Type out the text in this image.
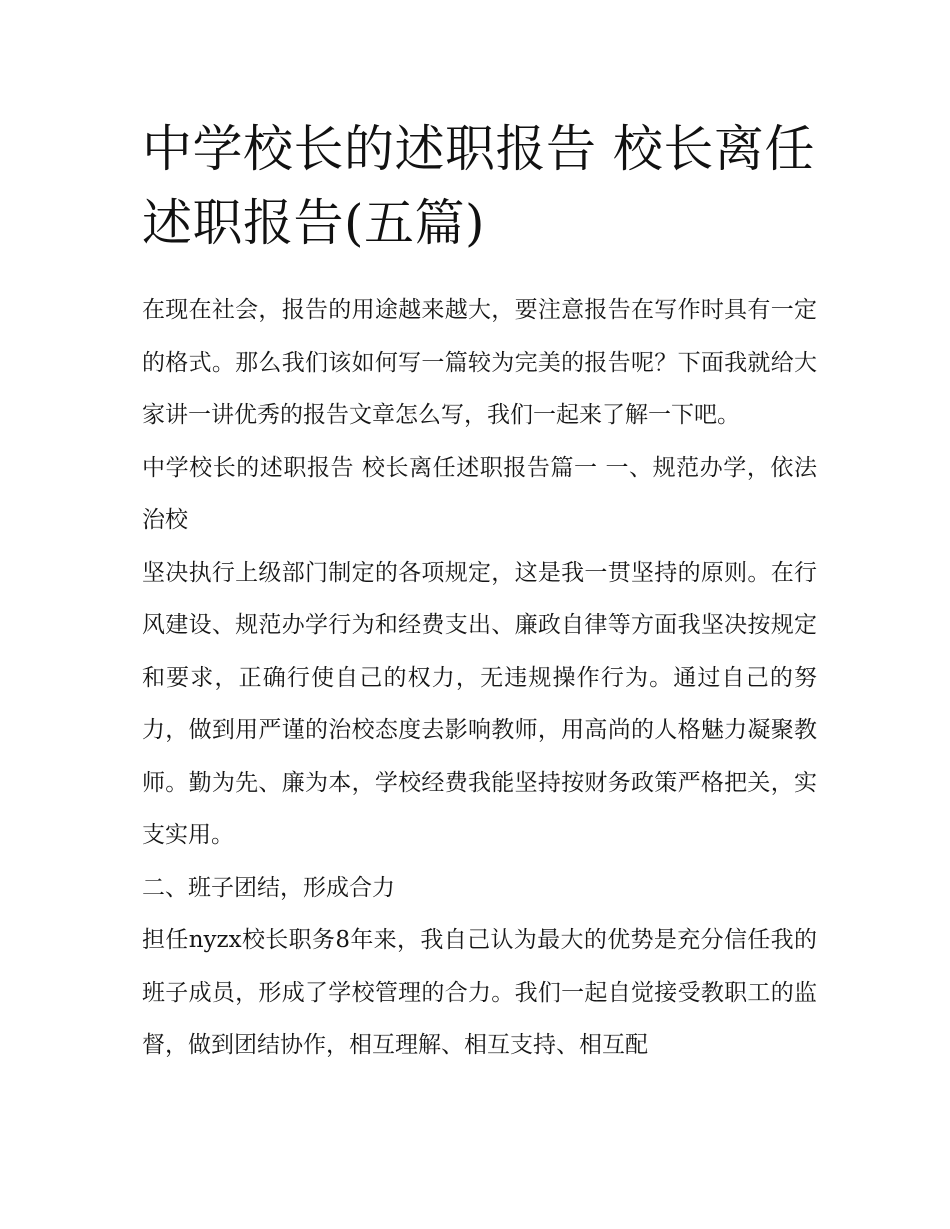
中学校长的述职报告 校长离任述职报告(五篇)

在现在社会，报告的用途越来越大，要注意报告在写作时具有一定的格式。那么我们该如何写一篇较为完美的报告呢？下面我就给大家讲一讲优秀的报告文章怎么写，我们一起来了解一下吧。

中学校长的述职报告 校长离任述职报告篇一 一、规范办学，依法治校

坚决执行上级部门制定的各项规定，这是我一贯坚持的原则。在行风建设、规范办学行为和经费支出、廉政自律等方面我坚决按规定和要求，正确行使自己的权力，无违规操作行为。通过自己的努力，做到用严谨的治校态度去影响教师，用高尚的人格魅力凝聚教师。勤为先、廉为本，学校经费我能坚持按财务政策严格把关，实支实用。

二、班子团结，形成合力

担任nyzx校长职务8年来，我自己认为最大的优势是充分信任我的班子成员，形成了学校管理的合力。我们一起自觉接受教职工的监督，做到团结协作，相互理解、相互支持、相互配
